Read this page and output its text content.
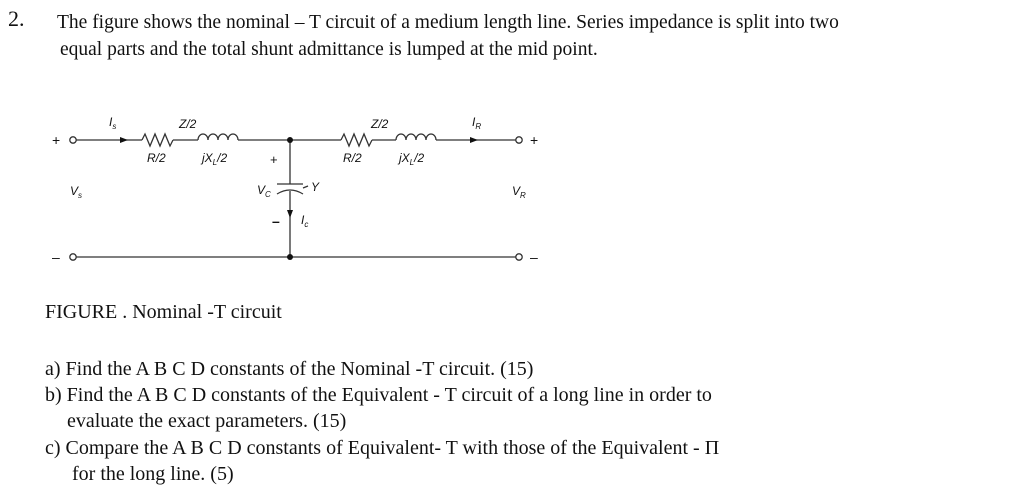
2. The figure shows the nominal – T circuit of a medium length line. Series impedance is split into two
equal parts and the total shunt admittance is lumped at the mid point.
+
–
+
–
$I_s$	$I_R$
$I_c$
Z/2	Z/2
R/2	R/2
$jX_L/2$	$jX_L/2$
$V_s$	$V_R$
$V_C$
+
–
Y
FIGURE . Nominal -T circuit
a) Find the A B C D constants of the Nominal -T circuit. (15)
b) Find the A B C D constants of the Equivalent - T circuit of a long line in order to
evaluate the exact parameters. (15)
c) Compare the A B C D constants of Equivalent- T with those of the Equivalent - Π
for the long line. (5)
